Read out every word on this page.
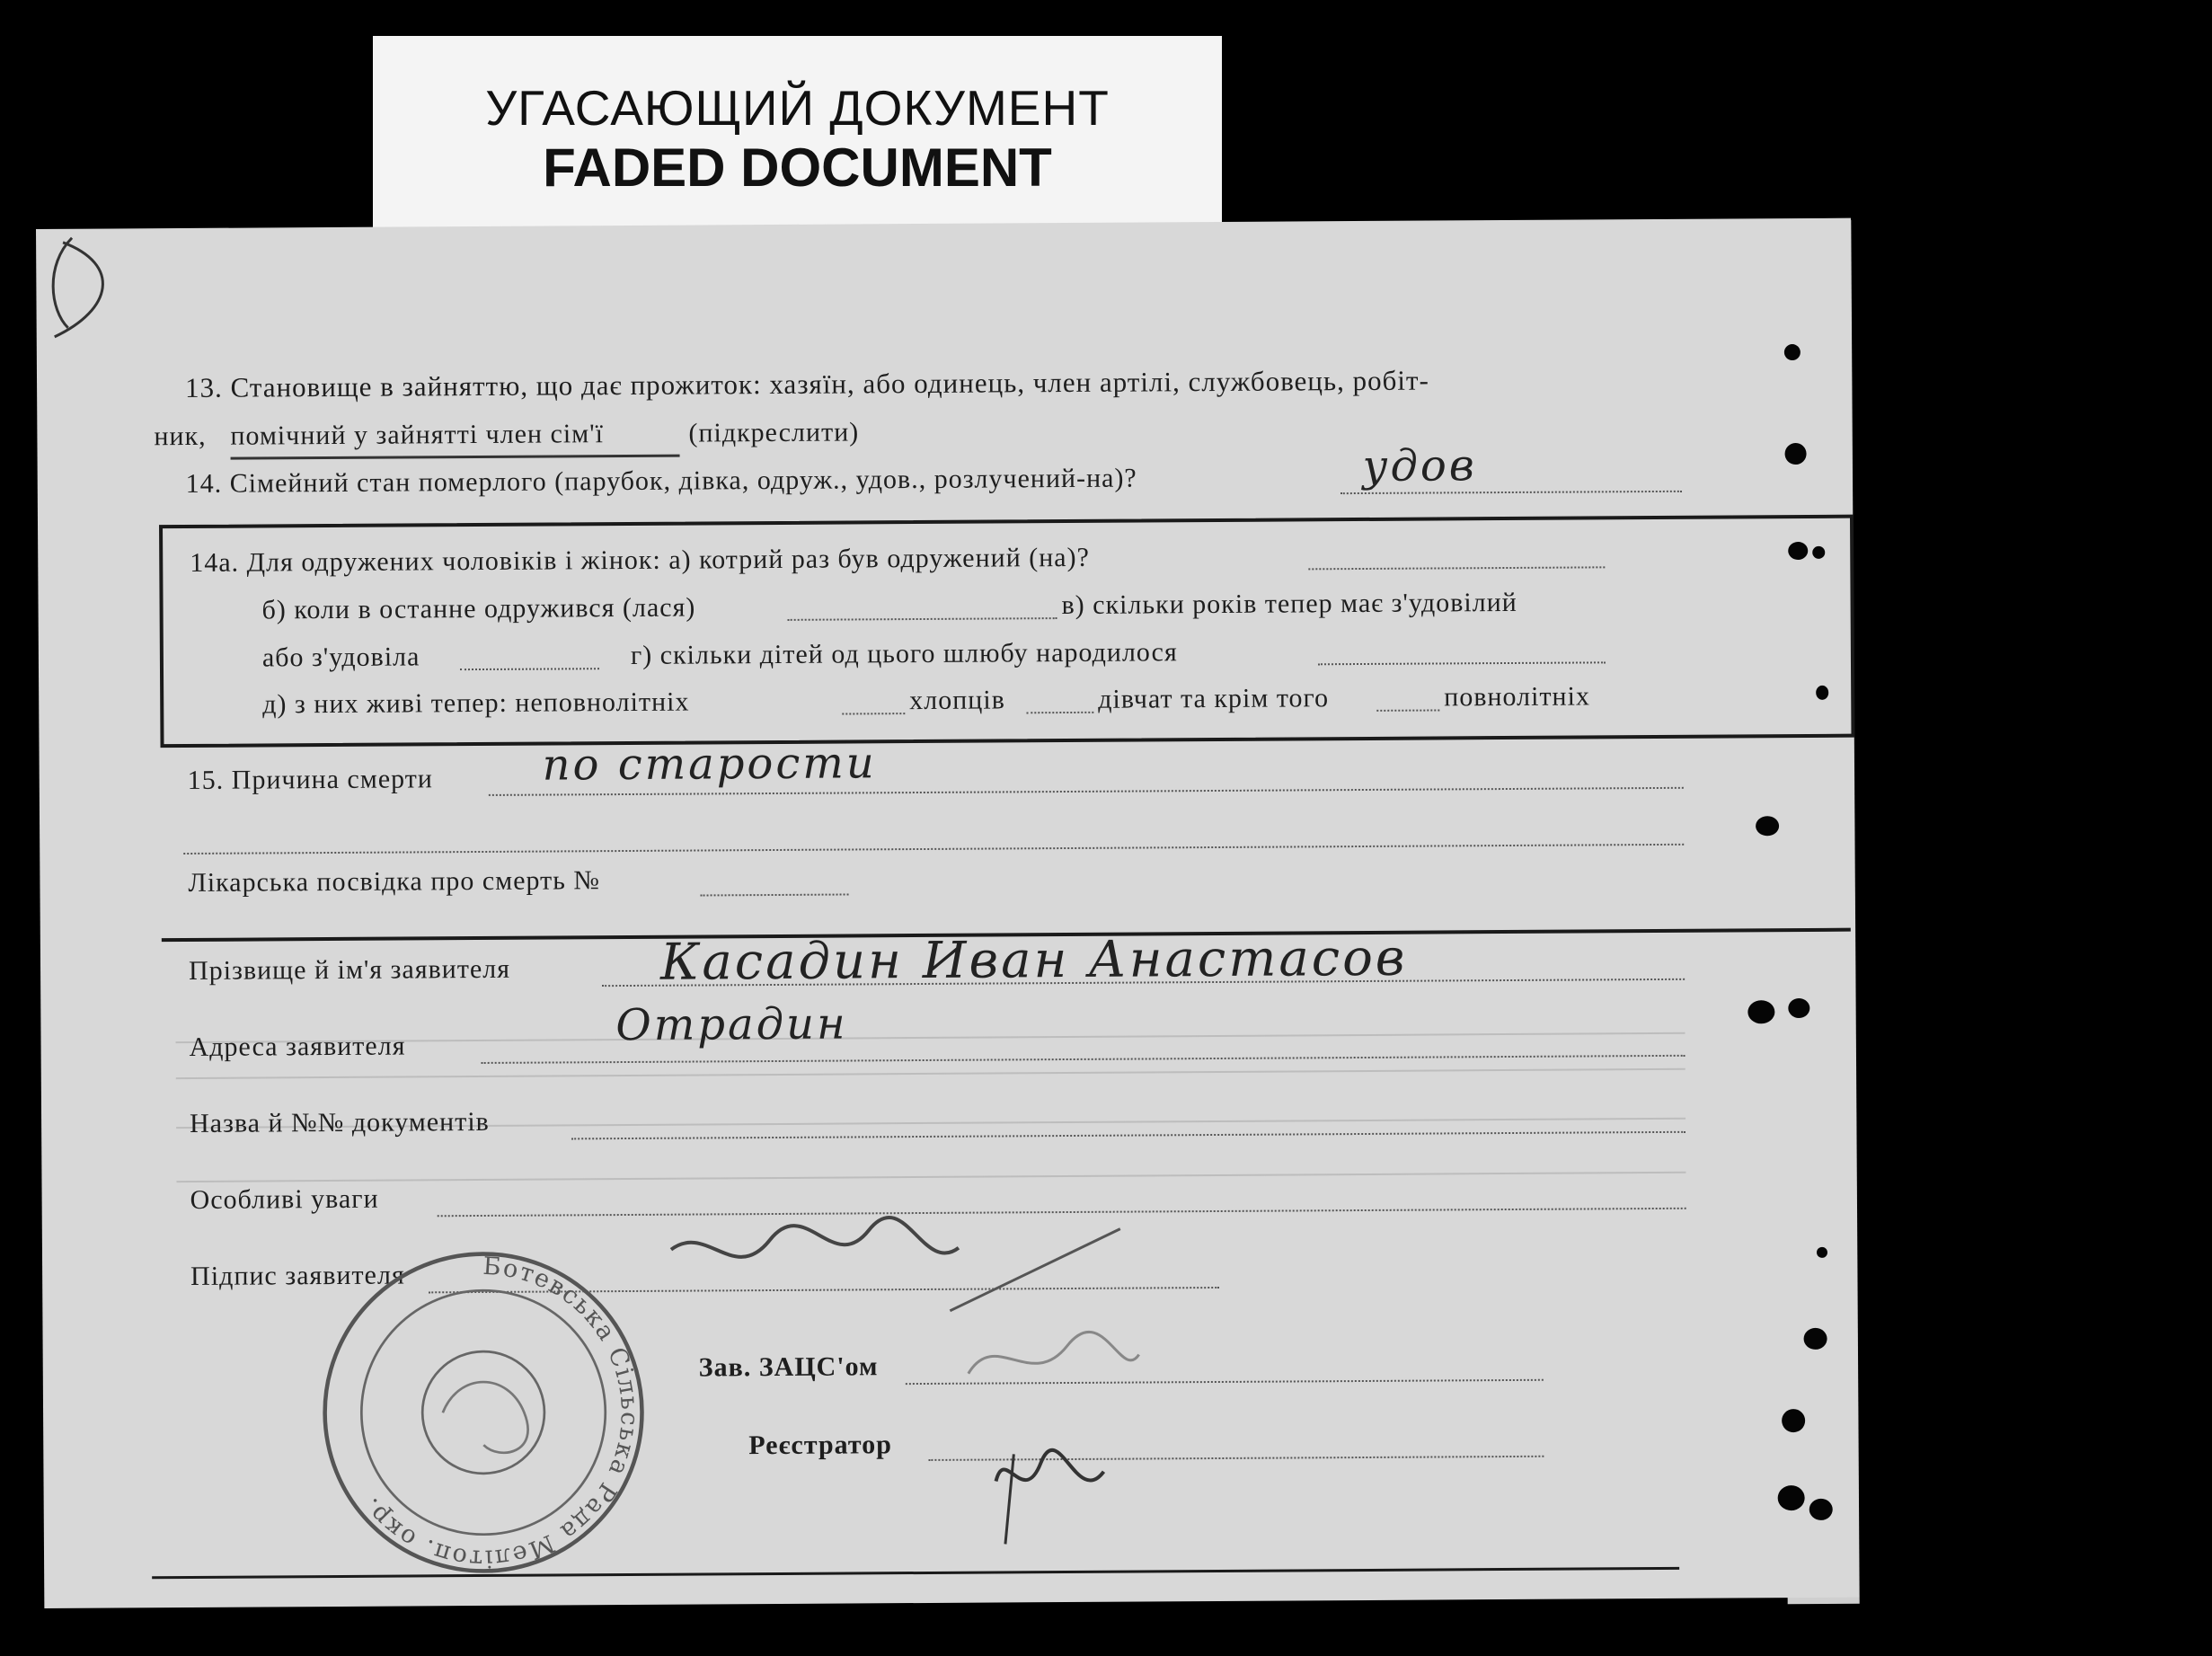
УГАСАЮЩИЙ ДОКУМЕНТ
FADED DOCUMENT
13. Становище в зайняттю, що дає прожиток: хазяїн, або одинець, член артілі, службовець, робіт-
ник, помічний у зайнятті член сім'ї	(підкреслити)
14. Сімейний стан померлого (парубок, дівка, одруж., удов., розлучений-на)?	удов
14а. Для одружених чоловіків і жінок: а) котрий раз був одружений (на)?
б) коли в останне одружився (лася)	в) скільки років тепер має з'удовілий
або з'удовіла	г) скільки дітей од цього шлюбу народилося
д) з них живі тепер: неповнолітніх	хлопців	дівчат та крім того	повнолітніх
15. Причина смерти	по старости
Лікарська посвідка про смерть №
Прізвище й ім'я заявителя	Касадин Иван Анастасов
Адреса заявителя	Отрадин
Назва й №№ документів
Особливі уваги
Підпис заявителя
Зав. ЗАЦС'ом
Реєстратор
Ботевська Сільська Рада Мелітоп. окр.
